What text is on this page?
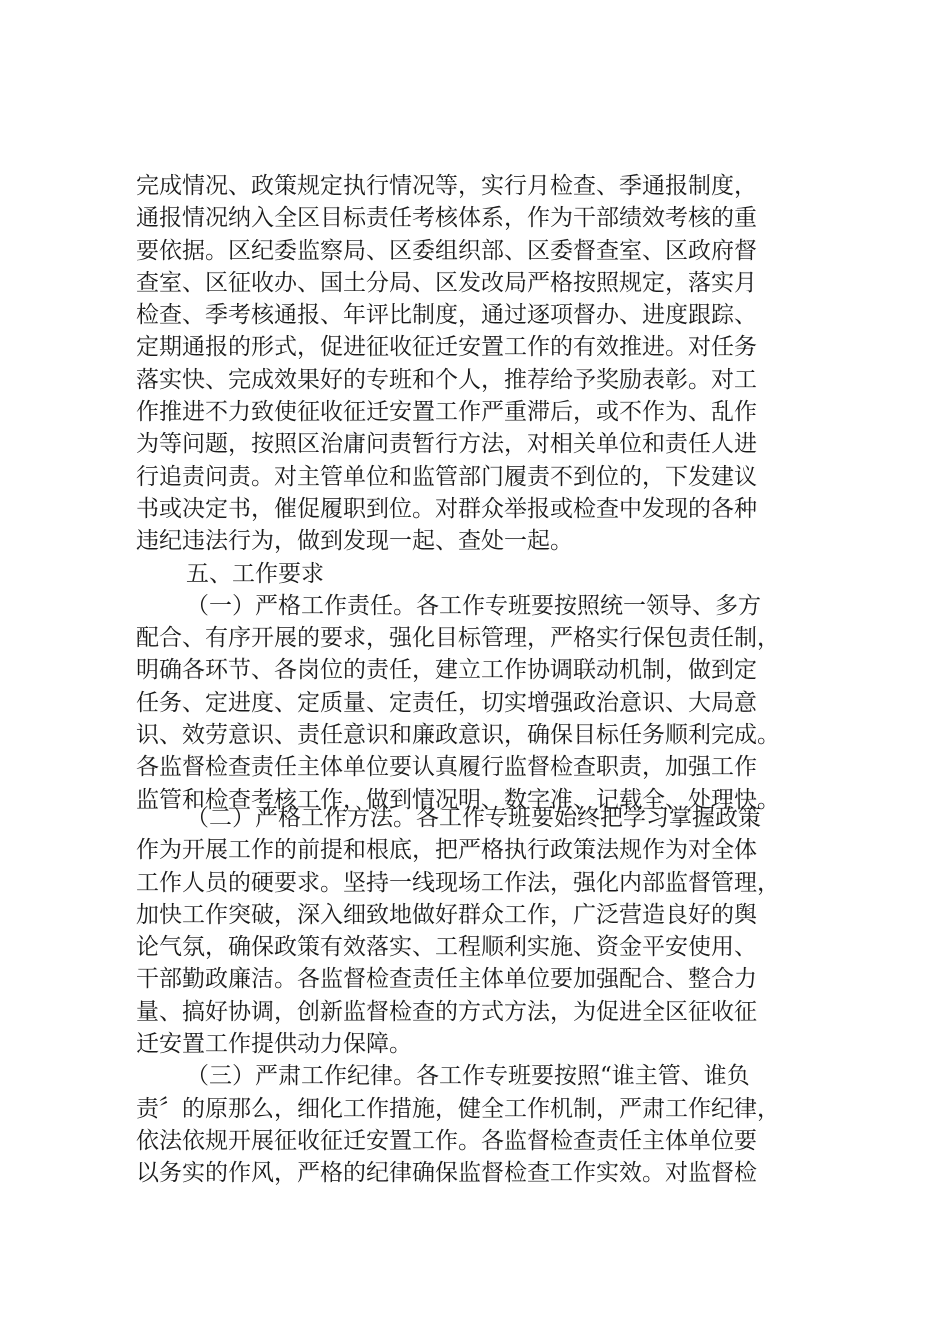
完成情况、政策规定执行情况等，实行月检查、季通报制度，
通报情况纳入全区目标责任考核体系，作为干部绩效考核的重
要依据。区纪委监察局、区委组织部、区委督查室、区政府督
查室、区征收办、国土分局、区发改局严格按照规定，落实月
检查、季考核通报、年评比制度，通过逐项督办、进度跟踪、
定期通报的形式，促进征收征迁安置工作的有效推进。对任务
落实快、完成效果好的专班和个人，推荐给予奖励表彰。对工
作推进不力致使征收征迁安置工作严重滞后，或不作为、乱作
为等问题，按照区治庸问责暂行方法，对相关单位和责任人进
行追责问责。对主管单位和监管部门履责不到位的，下发建议
书或决定书，催促履职到位。对群众举报或检查中发现的各种
违纪违法行为，做到发现一起、查处一起。
五、工作要求
（一）严格工作责任。各工作专班要按照统一领导、多方
配合、有序开展的要求，强化目标管理，严格实行保包责任制，
明确各环节、各岗位的责任，建立工作协调联动机制，做到定
任务、定进度、定质量、定责任，切实增强政治意识、大局意
识、效劳意识、责任意识和廉政意识，确保目标任务顺利完成。
各监督检查责任主体单位要认真履行监督检查职责，加强工作
监管和检查考核工作，做到情况明、数字准、记载全、处理快。
（二）严格工作方法。各工作专班要始终把学习掌握政策
作为开展工作的前提和根底，把严格执行政策法规作为对全体
工作人员的硬要求。坚持一线现场工作法，强化内部监督管理，
加快工作突破，深入细致地做好群众工作，广泛营造良好的舆
论气氛，确保政策有效落实、工程顺利实施、资金平安使用、
干部勤政廉洁。各监督检查责任主体单位要加强配合、整合力
量、搞好协调，创新监督检查的方式方法，为促进全区征收征
迁安置工作提供动力保障。
（三）严肃工作纪律。各工作专班要按照“谁主管、谁负
责〞的原那么，细化工作措施，健全工作机制，严肃工作纪律，
依法依规开展征收征迁安置工作。各监督检查责任主体单位要
以务实的作风，严格的纪律确保监督检查工作实效。对监督检
